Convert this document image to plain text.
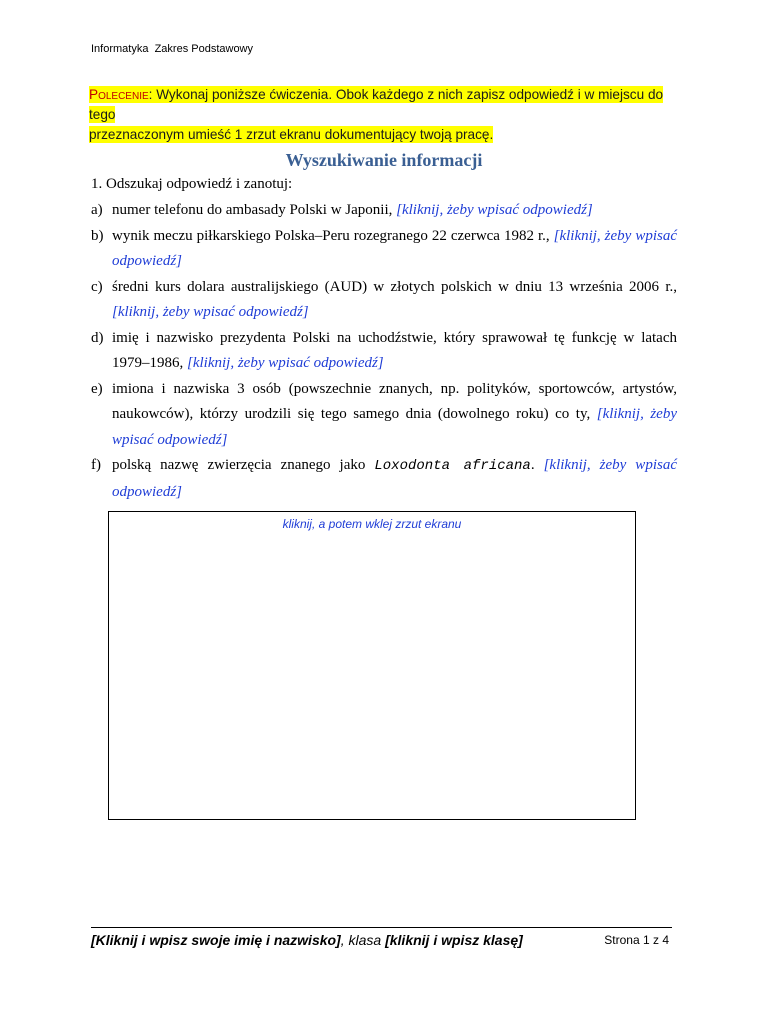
Informatyka  Zakres Podstawowy
Polecenie: Wykonaj poniższe ćwiczenia. Obok każdego z nich zapisz odpowiedź i w miejscu do tego
przeznaczonym umieść 1 zrzut ekranu dokumentujący twoją pracę.
Wyszukiwanie informacji
1. Odszukaj odpowiedź i zanotuj:

a) numer telefonu do ambasady Polski w Japonii, [kliknij, żeby wpisać odpowiedź]

b) wynik meczu piłkarskiego Polska–Peru rozegranego 22 czerwca 1982 r., [kliknij, żeby wpisać odpowiedź]

c) średni kurs dolara australijskiego (AUD) w złotych polskich w dniu 13 września 2006 r., [kliknij, żeby wpisać odpowiedź]

d) imię i nazwisko prezydenta Polski na uchodźstwie, który sprawował tę funkcję w latach 1979–1986, [kliknij, żeby wpisać odpowiedź]

e) imiona i nazwiska 3 osób (powszechnie znanych, np. polityków, sportowców, artystów, naukowców), którzy urodzili się tego samego dnia (dowolnego roku) co ty, [kliknij, żeby wpisać odpowiedź]

f) polską nazwę zwierzęcia znanego jako Loxodonta africana. [kliknij, żeby wpisać odpowiedź]

kliknij, a potem wklej zrzut ekranu
[Kliknij i wpisz swoje imię i nazwisko], klasa [kliknij i wpisz klasę]	Strona 1 z 4
